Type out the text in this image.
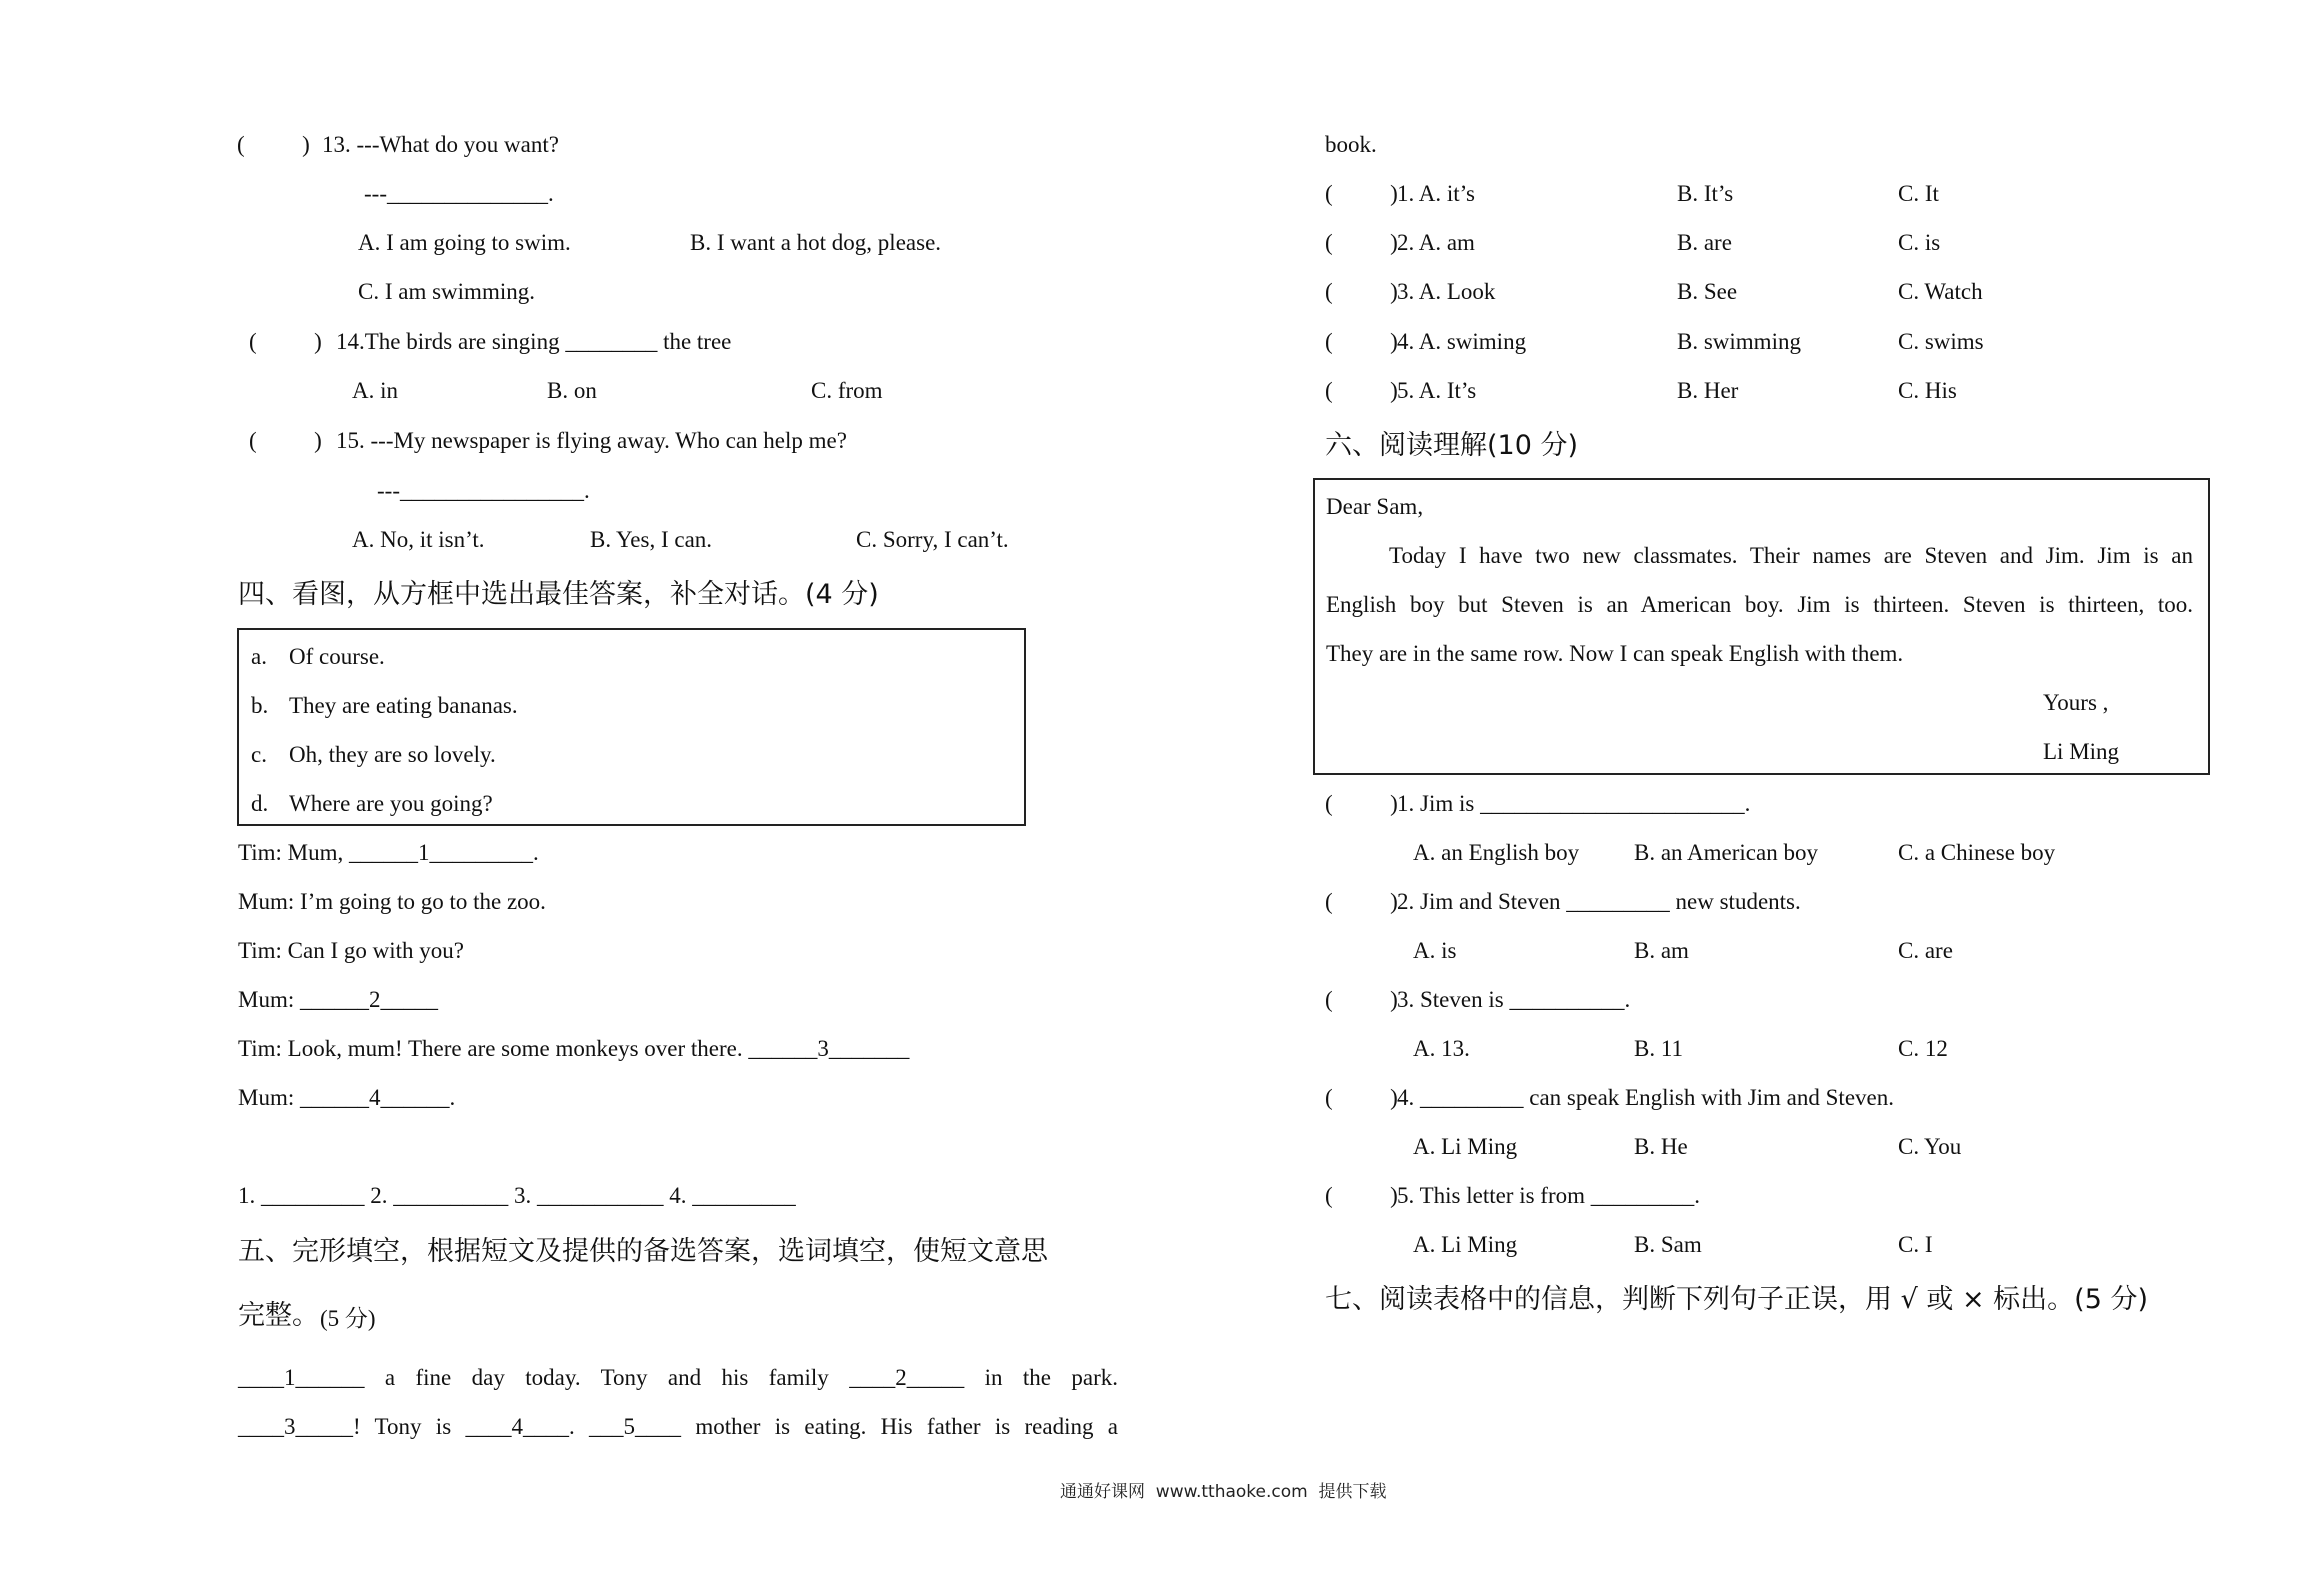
(          ) 13. ---What do you want?
---______________.
A. I am going to swim.	B. I want a hot dog, please.
C. I am swimming.
(          ) 14.The birds are singing ________ the tree
A. in	B. on	C. from
(          ) 15. ---My newspaper is flying away. Who can help me?
---________________.
A. No, it isn’t.	B. Yes, I can.	C. Sorry, I can’t.
四、看图，从方框中选出最佳答案，补全对话。(4 分)
a. Of course.
b. They are eating bananas.
c. Oh, they are so lovely.
d. Where are you going?
Tim: Mum, ______1_________.
Mum: I’m going to go to the zoo.
Tim: Can I go with you?
Mum: ______2_____
Tim: Look, mum! There are some monkeys over there. ______3_______
Mum: ______4______.
1. _________ 2. __________ 3. ___________ 4. _________
五、完形填空，根据短文及提供的备选答案，选词填空，使短文意思
完整。 (5 分)
____1______ a fine day today. Tony and his family ____2_____ in the park.
____3_____! Tony is ____4____. ___5____ mother is eating. His father is reading a
book.
(          ) 1. A. it’s	B. It’s	C. It
(          ) 2. A. am	B. are	C. is
(          ) 3. A. Look	B. See	C. Watch
(          ) 4. A. swiming	B. swimming	C. swims
(          ) 5. A. It’s	B. Her	C. His
六、阅读理解(10 分)
Dear Sam,
Today I have two new classmates. Their names are Steven and Jim. Jim is an
English boy but Steven is an American boy. Jim is thirteen. Steven is thirteen, too.
They are in the same row. Now I can speak English with them.
Yours ,
Li Ming
(          ) 1. Jim is _______________________.
A. an English boy B. an American boy	C. a Chinese boy
(          ) 2. Jim and Steven _________ new students.
A. is	B. am	C. are
(          ) 3. Steven is __________.
A. 13.	B. 11	C. 12
(          ) 4. _________ can speak English with Jim and Steven.
A. Li Ming	B. He	C. You
(          ) 5. This letter is from _________.
A. Li Ming	B. Sam	C. I
七、阅读表格中的信息，判断下列句子正误，用 √ 或 × 标出。(5 分)
通通好课网  www.tthaoke.com  提供下载
